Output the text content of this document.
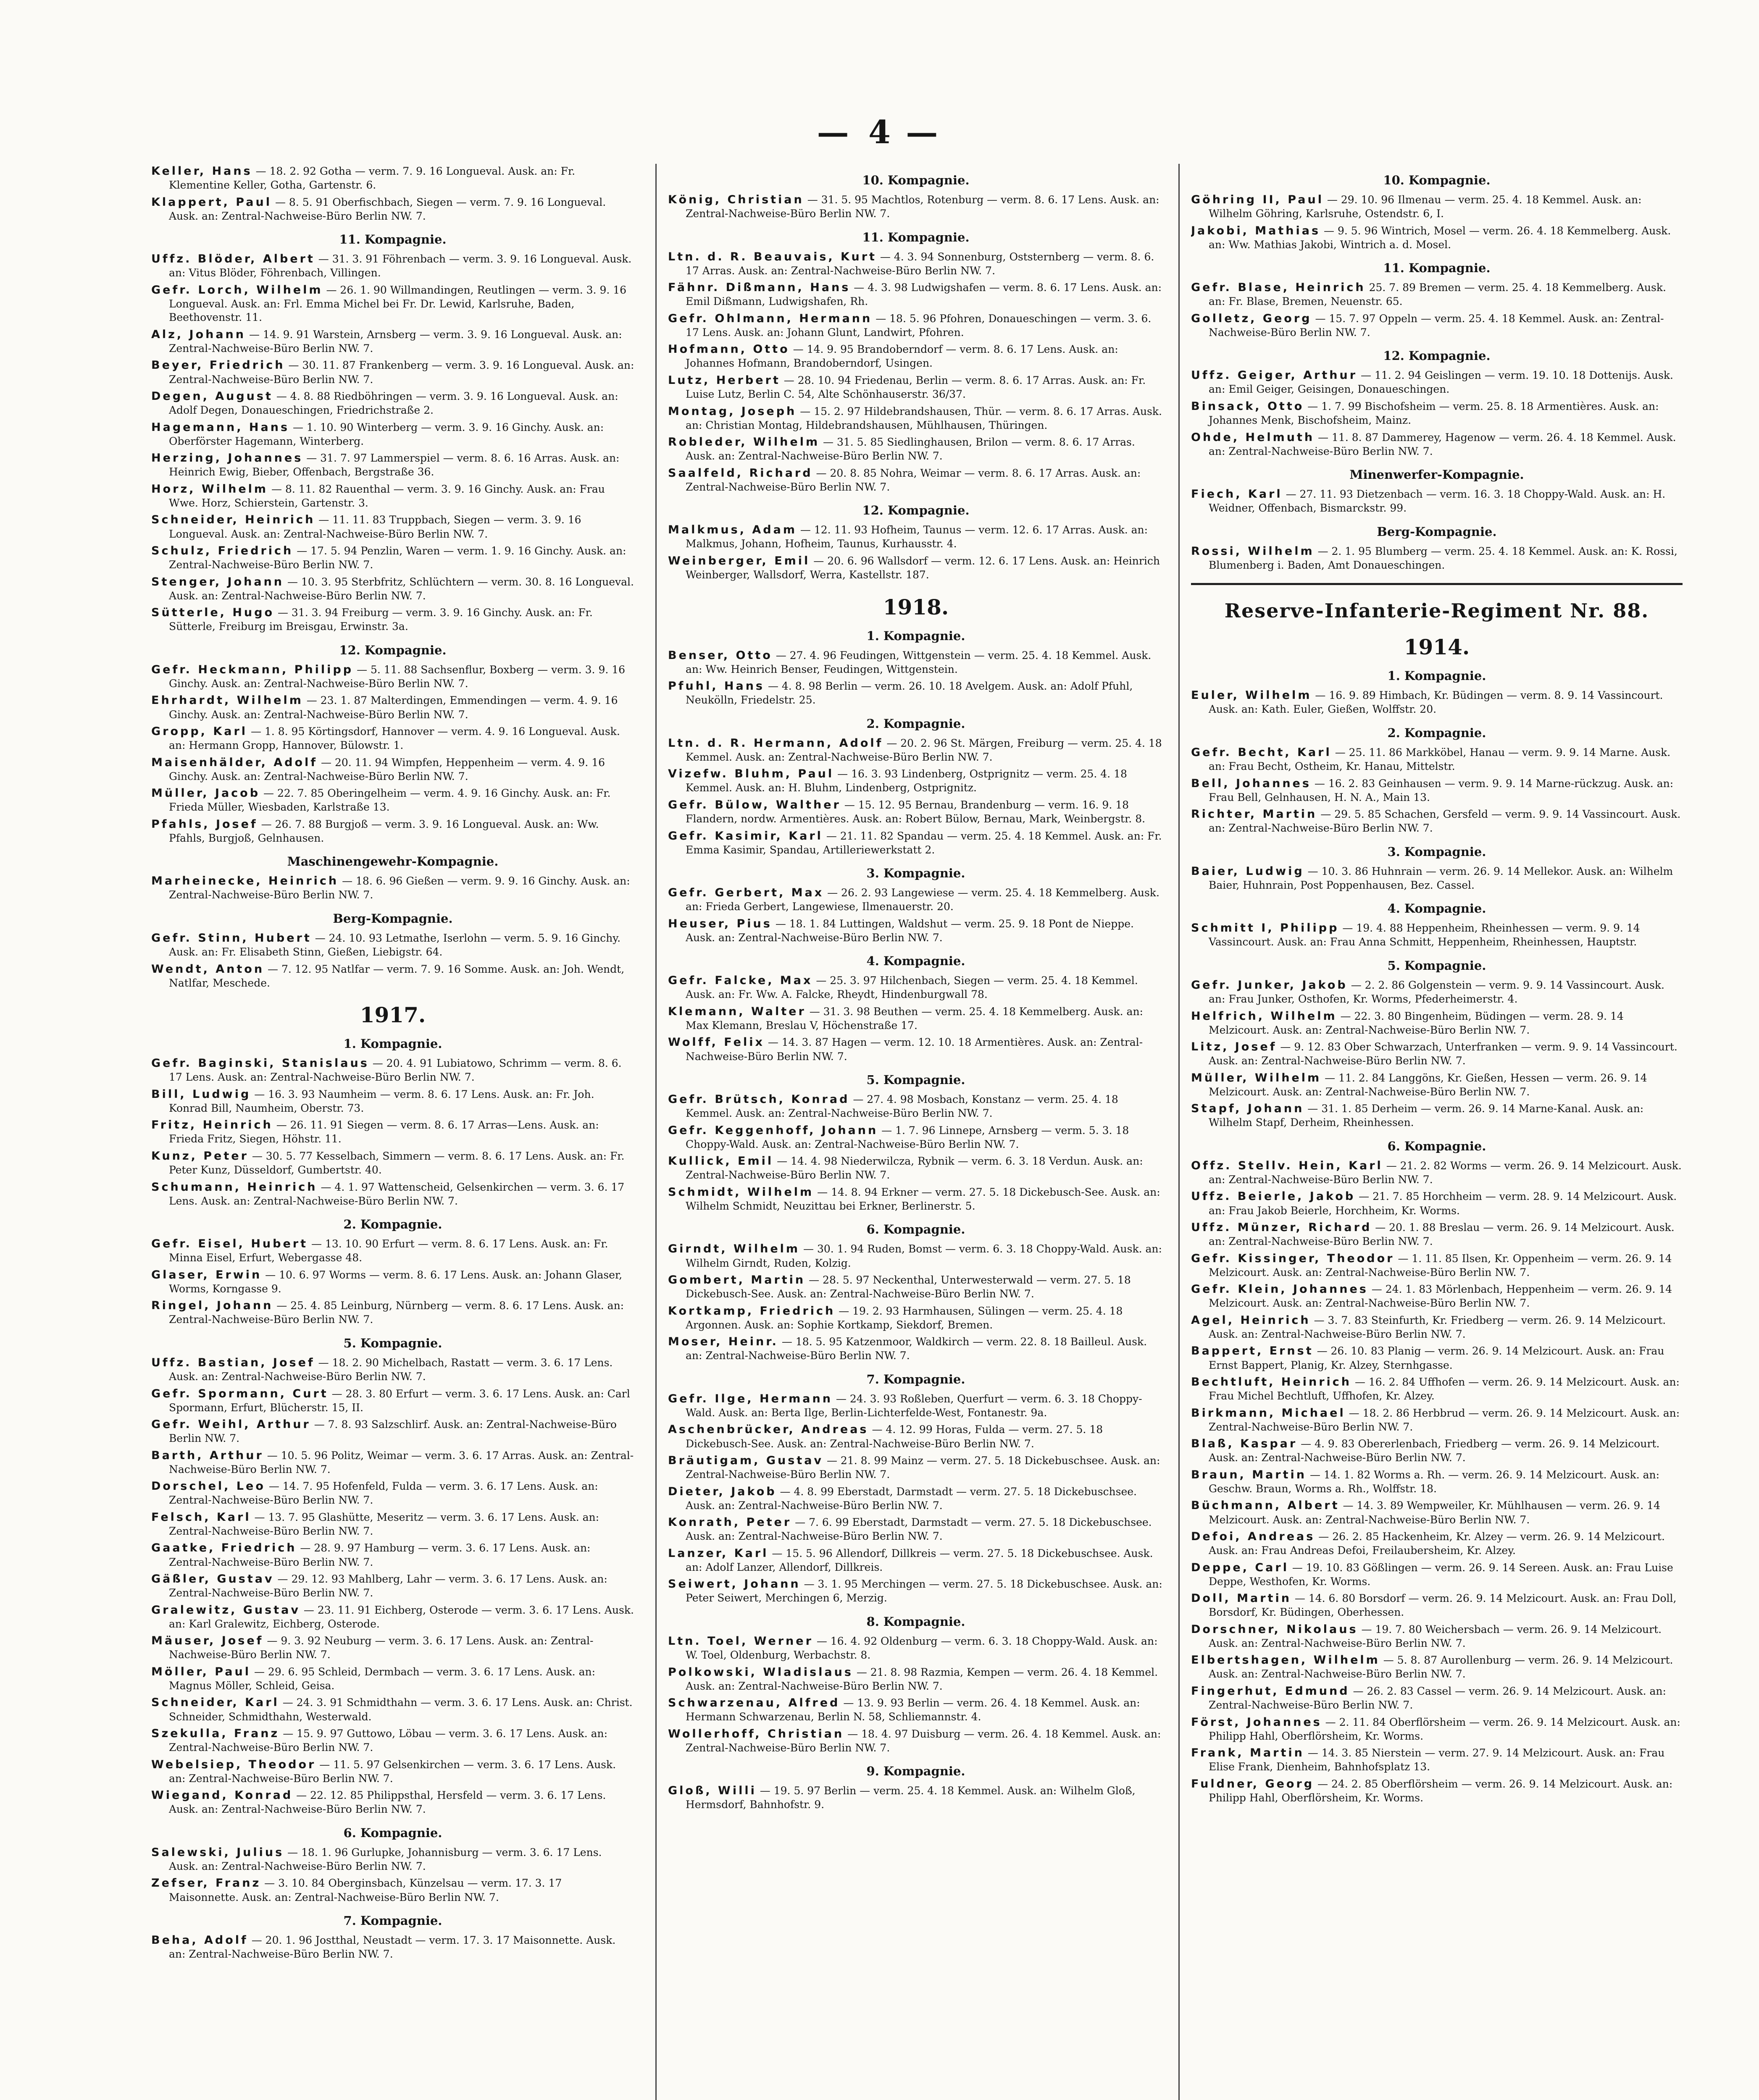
— 4 —

Keller, Hans — 18. 2. 92 Gotha — verm. 7. 9. 16 Longueval. Ausk. an: Fr. Klementine Keller, Gotha, Gartenstr. 6.

Klappert, Paul — 8. 5. 91 Oberfischbach, Siegen — verm. 7. 9. 16 Longueval. Ausk. an: Zentral-Nachweise-Büro Berlin NW. 7.

11. Kompagnie.

Uffz. Blöder, Albert — 31. 3. 91 Föhrenbach — verm. 3. 9. 16 Longueval. Ausk. an: Vitus Blöder, Föhrenbach, Villingen.

Gefr. Lorch, Wilhelm — 26. 1. 90 Willmandingen, Reutlingen — verm. 3. 9. 16 Longueval. Ausk. an: Frl. Emma Michel bei Fr. Dr. Lewid, Karlsruhe, Baden, Beethovenstr. 11.

Alz, Johann — 14. 9. 91 Warstein, Arnsberg — verm. 3. 9. 16 Longueval. Ausk. an: Zentral-Nachweise-Büro Berlin NW. 7.

Beyer, Friedrich — 30. 11. 87 Frankenberg — verm. 3. 9. 16 Longueval. Ausk. an: Zentral-Nachweise-Büro Berlin NW. 7.

Degen, August — 4. 8. 88 Riedböhringen — verm. 3. 9. 16 Longueval. Ausk. an: Adolf Degen, Donaueschingen, Friedrichstraße 2.

Hagemann, Hans — 1. 10. 90 Winterberg — verm. 3. 9. 16 Ginchy. Ausk. an: Oberförster Hagemann, Winterberg.

Herzing, Johannes — 31. 7. 97 Lammerspiel — verm. 8. 6. 16 Arras. Ausk. an: Heinrich Ewig, Bieber, Offenbach, Bergstraße 36.

Horz, Wilhelm — 8. 11. 82 Rauenthal — verm. 3. 9. 16 Ginchy. Ausk. an: Frau Wwe. Horz, Schierstein, Gartenstr. 3.

Schneider, Heinrich — 11. 11. 83 Truppbach, Siegen — verm. 3. 9. 16 Longueval. Ausk. an: Zentral-Nachweise-Büro Berlin NW. 7.

Schulz, Friedrich — 17. 5. 94 Penzlin, Waren — verm. 1. 9. 16 Ginchy. Ausk. an: Zentral-Nachweise-Büro Berlin NW. 7.

Stenger, Johann — 10. 3. 95 Sterbfritz, Schlüchtern — verm. 30. 8. 16 Longueval. Ausk. an: Zentral-Nachweise-Büro Berlin NW. 7.

Sütterle, Hugo — 31. 3. 94 Freiburg — verm. 3. 9. 16 Ginchy. Ausk. an: Fr. Sütterle, Freiburg im Breisgau, Erwinstr. 3a.

12. Kompagnie.

Gefr. Heckmann, Philipp — 5. 11. 88 Sachsenflur, Boxberg — verm. 3. 9. 16 Ginchy. Ausk. an: Zentral-Nachweise-Büro Berlin NW. 7.

Ehrhardt, Wilhelm — 23. 1. 87 Malterdingen, Emmendingen — verm. 4. 9. 16 Ginchy. Ausk. an: Zentral-Nachweise-Büro Berlin NW. 7.

Gropp, Karl — 1. 8. 95 Körtingsdorf, Hannover — verm. 4. 9. 16 Longueval. Ausk. an: Hermann Gropp, Hannover, Bülowstr. 1.

Maisenhälder, Adolf — 20. 11. 94 Wimpfen, Heppenheim — verm. 4. 9. 16 Ginchy. Ausk. an: Zentral-Nachweise-Büro Berlin NW. 7.

Müller, Jacob — 22. 7. 85 Oberingelheim — verm. 4. 9. 16 Ginchy. Ausk. an: Fr. Frieda Müller, Wiesbaden, Karlstraße 13.

Pfahls, Josef — 26. 7. 88 Burgjoß — verm. 3. 9. 16 Longueval. Ausk. an: Ww. Pfahls, Burgjoß, Gelnhausen.

Maschinengewehr-Kompagnie.

Marheinecke, Heinrich — 18. 6. 96 Gießen — verm. 9. 9. 16 Ginchy. Ausk. an: Zentral-Nachweise-Büro Berlin NW. 7.

Berg-Kompagnie.

Gefr. Stinn, Hubert — 24. 10. 93 Letmathe, Iserlohn — verm. 5. 9. 16 Ginchy. Ausk. an: Fr. Elisabeth Stinn, Gießen, Liebigstr. 64.

Wendt, Anton — 7. 12. 95 Natlfar — verm. 7. 9. 16 Somme. Ausk. an: Joh. Wendt, Natlfar, Meschede.

1917.
1. Kompagnie.

Gefr. Baginski, Stanislaus — 20. 4. 91 Lubiatowo, Schrimm — verm. 8. 6. 17 Lens. Ausk. an: Zentral-Nachweise-Büro Berlin NW. 7.

Bill, Ludwig — 16. 3. 93 Naumheim — verm. 8. 6. 17 Lens. Ausk. an: Fr. Joh. Konrad Bill, Naumheim, Oberstr. 73.

Fritz, Heinrich — 26. 11. 91 Siegen — verm. 8. 6. 17 Arras—Lens. Ausk. an: Frieda Fritz, Siegen, Höhstr. 11.

Kunz, Peter — 30. 5. 77 Kesselbach, Simmern — verm. 8. 6. 17 Lens. Ausk. an: Fr. Peter Kunz, Düsseldorf, Gumbertstr. 40.

Schumann, Heinrich — 4. 1. 97 Wattenscheid, Gelsenkirchen — verm. 3. 6. 17 Lens. Ausk. an: Zentral-Nachweise-Büro Berlin NW. 7.

2. Kompagnie.

Gefr. Eisel, Hubert — 13. 10. 90 Erfurt — verm. 8. 6. 17 Lens. Ausk. an: Fr. Minna Eisel, Erfurt, Webergasse 48.

Glaser, Erwin — 10. 6. 97 Worms — verm. 8. 6. 17 Lens. Ausk. an: Johann Glaser, Worms, Korngasse 9.

Ringel, Johann — 25. 4. 85 Leinburg, Nürnberg — verm. 8. 6. 17 Lens. Ausk. an: Zentral-Nachweise-Büro Berlin NW. 7.

5. Kompagnie.

Uffz. Bastian, Josef — 18. 2. 90 Michelbach, Rastatt — verm. 3. 6. 17 Lens. Ausk. an: Zentral-Nachweise-Büro Berlin NW. 7.

Gefr. Spormann, Curt — 28. 3. 80 Erfurt — verm. 3. 6. 17 Lens. Ausk. an: Carl Spormann, Erfurt, Blücherstr. 15, II.

Gefr. Weihl, Arthur — 7. 8. 93 Salzschlirf. Ausk. an: Zentral-Nachweise-Büro Berlin NW. 7.

Barth, Arthur — 10. 5. 96 Politz, Weimar — verm. 3. 6. 17 Arras. Ausk. an: Zentral-Nachweise-Büro Berlin NW. 7.

Dorschel, Leo — 14. 7. 95 Hofenfeld, Fulda — verm. 3. 6. 17 Lens. Ausk. an: Zentral-Nachweise-Büro Berlin NW. 7.

Felsch, Karl — 13. 7. 95 Glashütte, Meseritz — verm. 3. 6. 17 Lens. Ausk. an: Zentral-Nachweise-Büro Berlin NW. 7.

Gaatke, Friedrich — 28. 9. 97 Hamburg — verm. 3. 6. 17 Lens. Ausk. an: Zentral-Nachweise-Büro Berlin NW. 7.

Gäßler, Gustav — 29. 12. 93 Mahlberg, Lahr — verm. 3. 6. 17 Lens. Ausk. an: Zentral-Nachweise-Büro Berlin NW. 7.

Gralewitz, Gustav — 23. 11. 91 Eichberg, Osterode — verm. 3. 6. 17 Lens. Ausk. an: Karl Gralewitz, Eichberg, Osterode.

Mäuser, Josef — 9. 3. 92 Neuburg — verm. 3. 6. 17 Lens. Ausk. an: Zentral-Nachweise-Büro Berlin NW. 7.

Möller, Paul — 29. 6. 95 Schleid, Dermbach — verm. 3. 6. 17 Lens. Ausk. an: Magnus Möller, Schleid, Geisa.

Schneider, Karl — 24. 3. 91 Schmidthahn — verm. 3. 6. 17 Lens. Ausk. an: Christ. Schneider, Schmidthahn, Westerwald.

Szekulla, Franz — 15. 9. 97 Guttowo, Löbau — verm. 3. 6. 17 Lens. Ausk. an: Zentral-Nachweise-Büro Berlin NW. 7.

Webelsiep, Theodor — 11. 5. 97 Gelsenkirchen — verm. 3. 6. 17 Lens. Ausk. an: Zentral-Nachweise-Büro Berlin NW. 7.

Wiegand, Konrad — 22. 12. 85 Philippsthal, Hersfeld — verm. 3. 6. 17 Lens. Ausk. an: Zentral-Nachweise-Büro Berlin NW. 7.

6. Kompagnie.

Salewski, Julius — 18. 1. 96 Gurlupke, Johannisburg — verm. 3. 6. 17 Lens. Ausk. an: Zentral-Nachweise-Büro Berlin NW. 7.

Zefser, Franz — 3. 10. 84 Oberginsbach, Künzelsau — verm. 17. 3. 17 Maisonnette. Ausk. an: Zentral-Nachweise-Büro Berlin NW. 7.

7. Kompagnie.

Beha, Adolf — 20. 1. 96 Jostthal, Neustadt — verm. 17. 3. 17 Maisonnette. Ausk. an: Zentral-Nachweise-Büro Berlin NW. 7.

10. Kompagnie.

König, Christian — 31. 5. 95 Machtlos, Rotenburg — verm. 8. 6. 17 Lens. Ausk. an: Zentral-Nachweise-Büro Berlin NW. 7.

11. Kompagnie.

Ltn. d. R. Beauvais, Kurt — 4. 3. 94 Sonnenburg, Oststernberg — verm. 8. 6. 17 Arras. Ausk. an: Zentral-Nachweise-Büro Berlin NW. 7.

Fähnr. Dißmann, Hans — 4. 3. 98 Ludwigshafen — verm. 8. 6. 17 Lens. Ausk. an: Emil Dißmann, Ludwigshafen, Rh.

Gefr. Ohlmann, Hermann — 18. 5. 96 Pfohren, Donaueschingen — verm. 3. 6. 17 Lens. Ausk. an: Johann Glunt, Landwirt, Pfohren.

Hofmann, Otto — 14. 9. 95 Brandoberndorf — verm. 8. 6. 17 Lens. Ausk. an: Johannes Hofmann, Brandoberndorf, Usingen.

Lutz, Herbert — 28. 10. 94 Friedenau, Berlin — verm. 8. 6. 17 Arras. Ausk. an: Fr. Luise Lutz, Berlin C. 54, Alte Schönhauserstr. 36/37.

Montag, Joseph — 15. 2. 97 Hildebrandshausen, Thür. — verm. 8. 6. 17 Arras. Ausk. an: Christian Montag, Hildebrandshausen, Mühlhausen, Thüringen.

Robleder, Wilhelm — 31. 5. 85 Siedlinghausen, Brilon — verm. 8. 6. 17 Arras. Ausk. an: Zentral-Nachweise-Büro Berlin NW. 7.

Saalfeld, Richard — 20. 8. 85 Nohra, Weimar — verm. 8. 6. 17 Arras. Ausk. an: Zentral-Nachweise-Büro Berlin NW. 7.

12. Kompagnie.

Malkmus, Adam — 12. 11. 93 Hofheim, Taunus — verm. 12. 6. 17 Arras. Ausk. an: Malkmus, Johann, Hofheim, Taunus, Kurhausstr. 4.

Weinberger, Emil — 20. 6. 96 Wallsdorf — verm. 12. 6. 17 Lens. Ausk. an: Heinrich Weinberger, Wallsdorf, Werra, Kastellstr. 187.

1918.
1. Kompagnie.

Benser, Otto — 27. 4. 96 Feudingen, Wittgenstein — verm. 25. 4. 18 Kemmel. Ausk. an: Ww. Heinrich Benser, Feudingen, Wittgenstein.

Pfuhl, Hans — 4. 8. 98 Berlin — verm. 26. 10. 18 Avelgem. Ausk. an: Adolf Pfuhl, Neukölln, Friedelstr. 25.

2. Kompagnie.

Ltn. d. R. Hermann, Adolf — 20. 2. 96 St. Märgen, Freiburg — verm. 25. 4. 18 Kemmel. Ausk. an: Zentral-Nachweise-Büro Berlin NW. 7.

Vizefw. Bluhm, Paul — 16. 3. 93 Lindenberg, Ostprignitz — verm. 25. 4. 18 Kemmel. Ausk. an: H. Bluhm, Lindenberg, Ostprignitz.

Gefr. Bülow, Walther — 15. 12. 95 Bernau, Brandenburg — verm. 16. 9. 18 Flandern, nordw. Armentières. Ausk. an: Robert Bülow, Bernau, Mark, Weinbergstr. 8.

Gefr. Kasimir, Karl — 21. 11. 82 Spandau — verm. 25. 4. 18 Kemmel. Ausk. an: Fr. Emma Kasimir, Spandau, Artilleriewerkstatt 2.

3. Kompagnie.

Gefr. Gerbert, Max — 26. 2. 93 Langewiese — verm. 25. 4. 18 Kemmelberg. Ausk. an: Frieda Gerbert, Langewiese, Ilmenauerstr. 20.

Heuser, Pius — 18. 1. 84 Luttingen, Waldshut — verm. 25. 9. 18 Pont de Nieppe. Ausk. an: Zentral-Nachweise-Büro Berlin NW. 7.

4. Kompagnie.

Gefr. Falcke, Max — 25. 3. 97 Hilchenbach, Siegen — verm. 25. 4. 18 Kemmel. Ausk. an: Fr. Ww. A. Falcke, Rheydt, Hindenburgwall 78.

Klemann, Walter — 31. 3. 98 Beuthen — verm. 25. 4. 18 Kemmelberg. Ausk. an: Max Klemann, Breslau V, Höchenstraße 17.

Wolff, Felix — 14. 3. 87 Hagen — verm. 12. 10. 18 Armentières. Ausk. an: Zentral-Nachweise-Büro Berlin NW. 7.

5. Kompagnie.

Gefr. Brütsch, Konrad — 27. 4. 98 Mosbach, Konstanz — verm. 25. 4. 18 Kemmel. Ausk. an: Zentral-Nachweise-Büro Berlin NW. 7.

Gefr. Keggenhoff, Johann — 1. 7. 96 Linnepe, Arnsberg — verm. 5. 3. 18 Choppy-Wald. Ausk. an: Zentral-Nachweise-Büro Berlin NW. 7.

Kullick, Emil — 14. 4. 98 Niederwilcza, Rybnik — verm. 6. 3. 18 Verdun. Ausk. an: Zentral-Nachweise-Büro Berlin NW. 7.

Schmidt, Wilhelm — 14. 8. 94 Erkner — verm. 27. 5. 18 Dickebusch-See. Ausk. an: Wilhelm Schmidt, Neuzittau bei Erkner, Berlinerstr. 5.

6. Kompagnie.

Girndt, Wilhelm — 30. 1. 94 Ruden, Bomst — verm. 6. 3. 18 Choppy-Wald. Ausk. an: Wilhelm Girndt, Ruden, Kolzig.

Gombert, Martin — 28. 5. 97 Neckenthal, Unterwesterwald — verm. 27. 5. 18 Dickebusch-See. Ausk. an: Zentral-Nachweise-Büro Berlin NW. 7.

Kortkamp, Friedrich — 19. 2. 93 Harmhausen, Sülingen — verm. 25. 4. 18 Argonnen. Ausk. an: Sophie Kortkamp, Siekdorf, Bremen.

Moser, Heinr. — 18. 5. 95 Katzenmoor, Waldkirch — verm. 22. 8. 18 Bailleul. Ausk. an: Zentral-Nachweise-Büro Berlin NW. 7.

7. Kompagnie.

Gefr. Ilge, Hermann — 24. 3. 93 Roßleben, Querfurt — verm. 6. 3. 18 Choppy-Wald. Ausk. an: Berta Ilge, Berlin-Lichterfelde-West, Fontanestr. 9a.

Aschenbrücker, Andreas — 4. 12. 99 Horas, Fulda — verm. 27. 5. 18 Dickebusch-See. Ausk. an: Zentral-Nachweise-Büro Berlin NW. 7.

Bräutigam, Gustav — 21. 8. 99 Mainz — verm. 27. 5. 18 Dickebuschsee. Ausk. an: Zentral-Nachweise-Büro Berlin NW. 7.

Dieter, Jakob — 4. 8. 99 Eberstadt, Darmstadt — verm. 27. 5. 18 Dickebuschsee. Ausk. an: Zentral-Nachweise-Büro Berlin NW. 7.

Konrath, Peter — 7. 6. 99 Eberstadt, Darmstadt — verm. 27. 5. 18 Dickebuschsee. Ausk. an: Zentral-Nachweise-Büro Berlin NW. 7.

Lanzer, Karl — 15. 5. 96 Allendorf, Dillkreis — verm. 27. 5. 18 Dickebuschsee. Ausk. an: Adolf Lanzer, Allendorf, Dillkreis.

Seiwert, Johann — 3. 1. 95 Merchingen — verm. 27. 5. 18 Dickebuschsee. Ausk. an: Peter Seiwert, Merchingen 6, Merzig.

8. Kompagnie.

Ltn. Toel, Werner — 16. 4. 92 Oldenburg — verm. 6. 3. 18 Choppy-Wald. Ausk. an: W. Toel, Oldenburg, Werbachstr. 8.

Polkowski, Wladislaus — 21. 8. 98 Razmia, Kempen — verm. 26. 4. 18 Kemmel. Ausk. an: Zentral-Nachweise-Büro Berlin NW. 7.

Schwarzenau, Alfred — 13. 9. 93 Berlin — verm. 26. 4. 18 Kemmel. Ausk. an: Hermann Schwarzenau, Berlin N. 58, Schliemannstr. 4.

Wollerhoff, Christian — 18. 4. 97 Duisburg — verm. 26. 4. 18 Kemmel. Ausk. an: Zentral-Nachweise-Büro Berlin NW. 7.

9. Kompagnie.

Gloß, Willi — 19. 5. 97 Berlin — verm. 25. 4. 18 Kemmel. Ausk. an: Wilhelm Gloß, Hermsdorf, Bahnhofstr. 9.

10. Kompagnie.

Göhring II, Paul — 29. 10. 96 Ilmenau — verm. 25. 4. 18 Kemmel. Ausk. an: Wilhelm Göhring, Karlsruhe, Ostendstr. 6, I.

Jakobi, Mathias — 9. 5. 96 Wintrich, Mosel — verm. 26. 4. 18 Kemmelberg. Ausk. an: Ww. Mathias Jakobi, Wintrich a. d. Mosel.

11. Kompagnie.

Gefr. Blase, Heinrich 25. 7. 89 Bremen — verm. 25. 4. 18 Kemmelberg. Ausk. an: Fr. Blase, Bremen, Neuenstr. 65.

Golletz, Georg — 15. 7. 97 Oppeln — verm. 25. 4. 18 Kemmel. Ausk. an: Zentral-Nachweise-Büro Berlin NW. 7.

12. Kompagnie.

Uffz. Geiger, Arthur — 11. 2. 94 Geislingen — verm. 19. 10. 18 Dottenijs. Ausk. an: Emil Geiger, Geisingen, Donaueschingen.

Binsack, Otto — 1. 7. 99 Bischofsheim — verm. 25. 8. 18 Armentières. Ausk. an: Johannes Menk, Bischofsheim, Mainz.

Ohde, Helmuth — 11. 8. 87 Dammerey, Hagenow — verm. 26. 4. 18 Kemmel. Ausk. an: Zentral-Nachweise-Büro Berlin NW. 7.

Minenwerfer-Kompagnie.

Fiech, Karl — 27. 11. 93 Dietzenbach — verm. 16. 3. 18 Choppy-Wald. Ausk. an: H. Weidner, Offenbach, Bismarckstr. 99.

Berg-Kompagnie.

Rossi, Wilhelm — 2. 1. 95 Blumberg — verm. 25. 4. 18 Kemmel. Ausk. an: K. Rossi, Blumenberg i. Baden, Amt Donaueschingen.

Reserve-Infanterie-Regiment Nr. 88.
1914.
1. Kompagnie.

Euler, Wilhelm — 16. 9. 89 Himbach, Kr. Büdingen — verm. 8. 9. 14 Vassincourt. Ausk. an: Kath. Euler, Gießen, Wolffstr. 20.

2. Kompagnie.

Gefr. Becht, Karl — 25. 11. 86 Markköbel, Hanau — verm. 9. 9. 14 Marne. Ausk. an: Frau Becht, Ostheim, Kr. Hanau, Mittelstr.

Bell, Johannes — 16. 2. 83 Geinhausen — verm. 9. 9. 14 Marne-rückzug. Ausk. an: Frau Bell, Gelnhausen, H. N. A., Main 13.

Richter, Martin — 29. 5. 85 Schachen, Gersfeld — verm. 9. 9. 14 Vassincourt. Ausk. an: Zentral-Nachweise-Büro Berlin NW. 7.

3. Kompagnie.

Baier, Ludwig — 10. 3. 86 Huhnrain — verm. 26. 9. 14 Mellekor. Ausk. an: Wilhelm Baier, Huhnrain, Post Poppenhausen, Bez. Cassel.

4. Kompagnie.

Schmitt I, Philipp — 19. 4. 88 Heppenheim, Rheinhessen — verm. 9. 9. 14 Vassincourt. Ausk. an: Frau Anna Schmitt, Heppenheim, Rheinhessen, Hauptstr.

5. Kompagnie.

Gefr. Junker, Jakob — 2. 2. 86 Golgenstein — verm. 9. 9. 14 Vassincourt. Ausk. an: Frau Junker, Osthofen, Kr. Worms, Pfederheimerstr. 4.

Helfrich, Wilhelm — 22. 3. 80 Bingenheim, Büdingen — verm. 28. 9. 14 Melzicourt. Ausk. an: Zentral-Nachweise-Büro Berlin NW. 7.

Litz, Josef — 9. 12. 83 Ober Schwarzach, Unterfranken — verm. 9. 9. 14 Vassincourt. Ausk. an: Zentral-Nachweise-Büro Berlin NW. 7.

Müller, Wilhelm — 11. 2. 84 Langgöns, Kr. Gießen, Hessen — verm. 26. 9. 14 Melzicourt. Ausk. an: Zentral-Nachweise-Büro Berlin NW. 7.

Stapf, Johann — 31. 1. 85 Derheim — verm. 26. 9. 14 Marne-Kanal. Ausk. an: Wilhelm Stapf, Derheim, Rheinhessen.

6. Kompagnie.

Offz. Stellv. Hein, Karl — 21. 2. 82 Worms — verm. 26. 9. 14 Melzicourt. Ausk. an: Zentral-Nachweise-Büro Berlin NW. 7.

Uffz. Beierle, Jakob — 21. 7. 85 Horchheim — verm. 28. 9. 14 Melzicourt. Ausk. an: Frau Jakob Beierle, Horchheim, Kr. Worms.

Uffz. Münzer, Richard — 20. 1. 88 Breslau — verm. 26. 9. 14 Melzicourt. Ausk. an: Zentral-Nachweise-Büro Berlin NW. 7.

Gefr. Kissinger, Theodor — 1. 11. 85 Ilsen, Kr. Oppenheim — verm. 26. 9. 14 Melzicourt. Ausk. an: Zentral-Nachweise-Büro Berlin NW. 7.

Gefr. Klein, Johannes — 24. 1. 83 Mörlenbach, Heppenheim — verm. 26. 9. 14 Melzicourt. Ausk. an: Zentral-Nachweise-Büro Berlin NW. 7.

Agel, Heinrich — 3. 7. 83 Steinfurth, Kr. Friedberg — verm. 26. 9. 14 Melzicourt. Ausk. an: Zentral-Nachweise-Büro Berlin NW. 7.

Bappert, Ernst — 26. 10. 83 Planig — verm. 26. 9. 14 Melzicourt. Ausk. an: Frau Ernst Bappert, Planig, Kr. Alzey, Sternhgasse.

Bechtluft, Heinrich — 16. 2. 84 Uffhofen — verm. 26. 9. 14 Melzicourt. Ausk. an: Frau Michel Bechtluft, Uffhofen, Kr. Alzey.

Birkmann, Michael — 18. 2. 86 Herbbrud — verm. 26. 9. 14 Melzicourt. Ausk. an: Zentral-Nachweise-Büro Berlin NW. 7.

Blaß, Kaspar — 4. 9. 83 Obererlenbach, Friedberg — verm. 26. 9. 14 Melzicourt. Ausk. an: Zentral-Nachweise-Büro Berlin NW. 7.

Braun, Martin — 14. 1. 82 Worms a. Rh. — verm. 26. 9. 14 Melzicourt. Ausk. an: Geschw. Braun, Worms a. Rh., Wolffstr. 18.

Büchmann, Albert — 14. 3. 89 Wempweiler, Kr. Mühlhausen — verm. 26. 9. 14 Melzicourt. Ausk. an: Zentral-Nachweise-Büro Berlin NW. 7.

Defoi, Andreas — 26. 2. 85 Hackenheim, Kr. Alzey — verm. 26. 9. 14 Melzicourt. Ausk. an: Frau Andreas Defoi, Freilaubersheim, Kr. Alzey.

Deppe, Carl — 19. 10. 83 Gößlingen — verm. 26. 9. 14 Sereen. Ausk. an: Frau Luise Deppe, Westhofen, Kr. Worms.

Doll, Martin — 14. 6. 80 Borsdorf — verm. 26. 9. 14 Melzicourt. Ausk. an: Frau Doll, Borsdorf, Kr. Büdingen, Oberhessen.

Dorschner, Nikolaus — 19. 7. 80 Weichersbach — verm. 26. 9. 14 Melzicourt. Ausk. an: Zentral-Nachweise-Büro Berlin NW. 7.

Elbertshagen, Wilhelm — 5. 8. 87 Aurollenburg — verm. 26. 9. 14 Melzicourt. Ausk. an: Zentral-Nachweise-Büro Berlin NW. 7.

Fingerhut, Edmund — 26. 2. 83 Cassel — verm. 26. 9. 14 Melzicourt. Ausk. an: Zentral-Nachweise-Büro Berlin NW. 7.

Först, Johannes — 2. 11. 84 Oberflörsheim — verm. 26. 9. 14 Melzicourt. Ausk. an: Philipp Hahl, Oberflörsheim, Kr. Worms.

Frank, Martin — 14. 3. 85 Nierstein — verm. 27. 9. 14 Melzicourt. Ausk. an: Frau Elise Frank, Dienheim, Bahnhofsplatz 13.

Fuldner, Georg — 24. 2. 85 Oberflörsheim — verm. 26. 9. 14 Melzicourt. Ausk. an: Philipp Hahl, Oberflörsheim, Kr. Worms.
